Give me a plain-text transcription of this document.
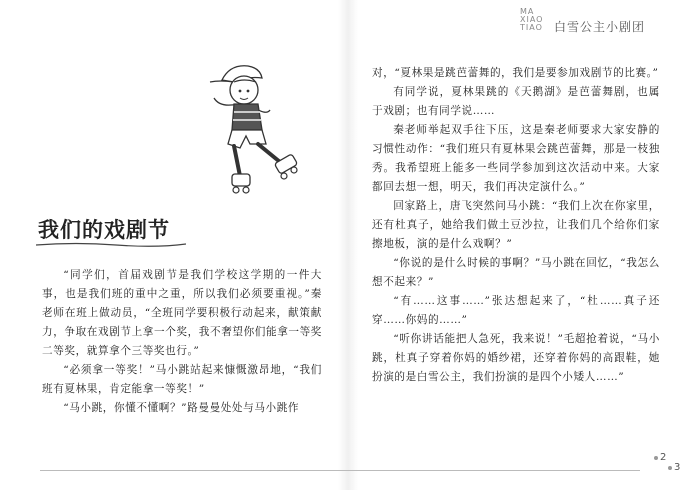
MA XIAO TIAO 白雪公主小剧团
我们的戏剧节

“同学们，首届戏剧节是我们学校这学期的一件大事，也是我们班的重中之重，所以我们必须要重视。”秦老师在班上做动员，“全班同学要积极行动起来，献策献力，争取在戏剧节上拿一个奖，我不奢望你们能拿一等奖二等奖，就算拿个三等奖也行。”

“必须拿一等奖！”马小跳站起来慷慨激昂地，“我们班有夏林果，肯定能拿一等奖！”

“马小跳，你懂不懂啊？”路曼曼处处与马小跳作

对，“夏林果是跳芭蕾舞的，我们是要参加戏剧节的比赛。”

有同学说，夏林果跳的《天鹅湖》是芭蕾舞剧，也属于戏剧；也有同学说……

秦老师举起双手往下压，这是秦老师要求大家安静的习惯性动作：“我们班只有夏林果会跳芭蕾舞，那是一枝独秀。我希望班上能多一些同学参加到这次活动中来。大家都回去想一想，明天，我们再决定演什么。”

回家路上，唐飞突然问马小跳：“我们上次在你家里，还有杜真子，她给我们做土豆沙拉，让我们几个给你们家擦地板，演的是什么戏啊？”

“你说的是什么时候的事啊？”马小跳在回忆，“我怎么想不起来？”

“有……这事……”张达想起来了，“杜……真子还穿……你妈的……”

“听你讲话能把人急死，我来说！”毛超抢着说，“马小跳，杜真子穿着你妈的婚纱裙，还穿着你妈的高跟鞋，她扮演的是白雪公主，我们扮演的是四个小矮人……”

2
3
